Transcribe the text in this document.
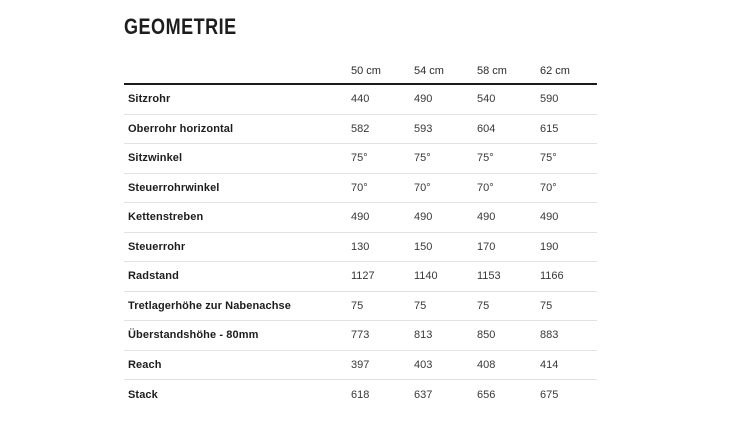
GEOMETRIE
50 cm	54 cm	58 cm	62 cm
Sitzrohr	440	490	540	590
Oberrohr horizontal	582	593	604	615
Sitzwinkel	75°	75°	75°	75°
Steuerrohrwinkel	70°	70°	70°	70°
Kettenstreben	490	490	490	490
Steuerrohr	130	150	170	190
Radstand	1127	1140	1153	1166
Tretlagerhöhe zur Nabenachse	75	75	75	75
Überstandshöhe - 80mm	773	813	850	883
Reach	397	403	408	414
Stack	618	637	656	675
